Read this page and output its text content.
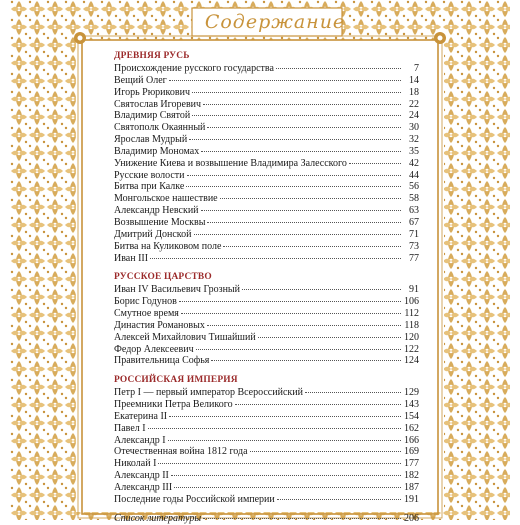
Содержание
ДРЕВНЯЯ РУСЬ
Происхождение русского государства	7
Вещий Олег	14
Игорь Рюрикович	18
Святослав Игоревич	22
Владимир Святой	24
Святополк Окаянный	30
Ярослав Мудрый	32
Владимир Мономах	35
Унижение Киева и возвышение Владимира Залесского	42
Русские волости	44
Битва при Калке	56
Монгольское нашествие	58
Александр Невский	63
Возвышение Москвы	67
Дмитрий Донской	71
Битва на Куликовом поле	73
Иван III	77
РУССКОЕ ЦАРСТВО
Иван IV Васильевич Грозный	91
Борис Годунов	106
Смутное время	112
Династия Романовых	118
Алексей Михайлович Тишайший	120
Федор Алексеевич	122
Правительница Софья	124
РОССИЙСКАЯ ИМПЕРИЯ
Петр I — первый император Всероссийский	129
Преемники Петра Великого	143
Екатерина II	154
Павел I	162
Александр I	166
Отечественная война 1812 года	169
Николай I	177
Александр II	182
Александр III	187
Последние годы Российской империи	191
Список литературы	206
